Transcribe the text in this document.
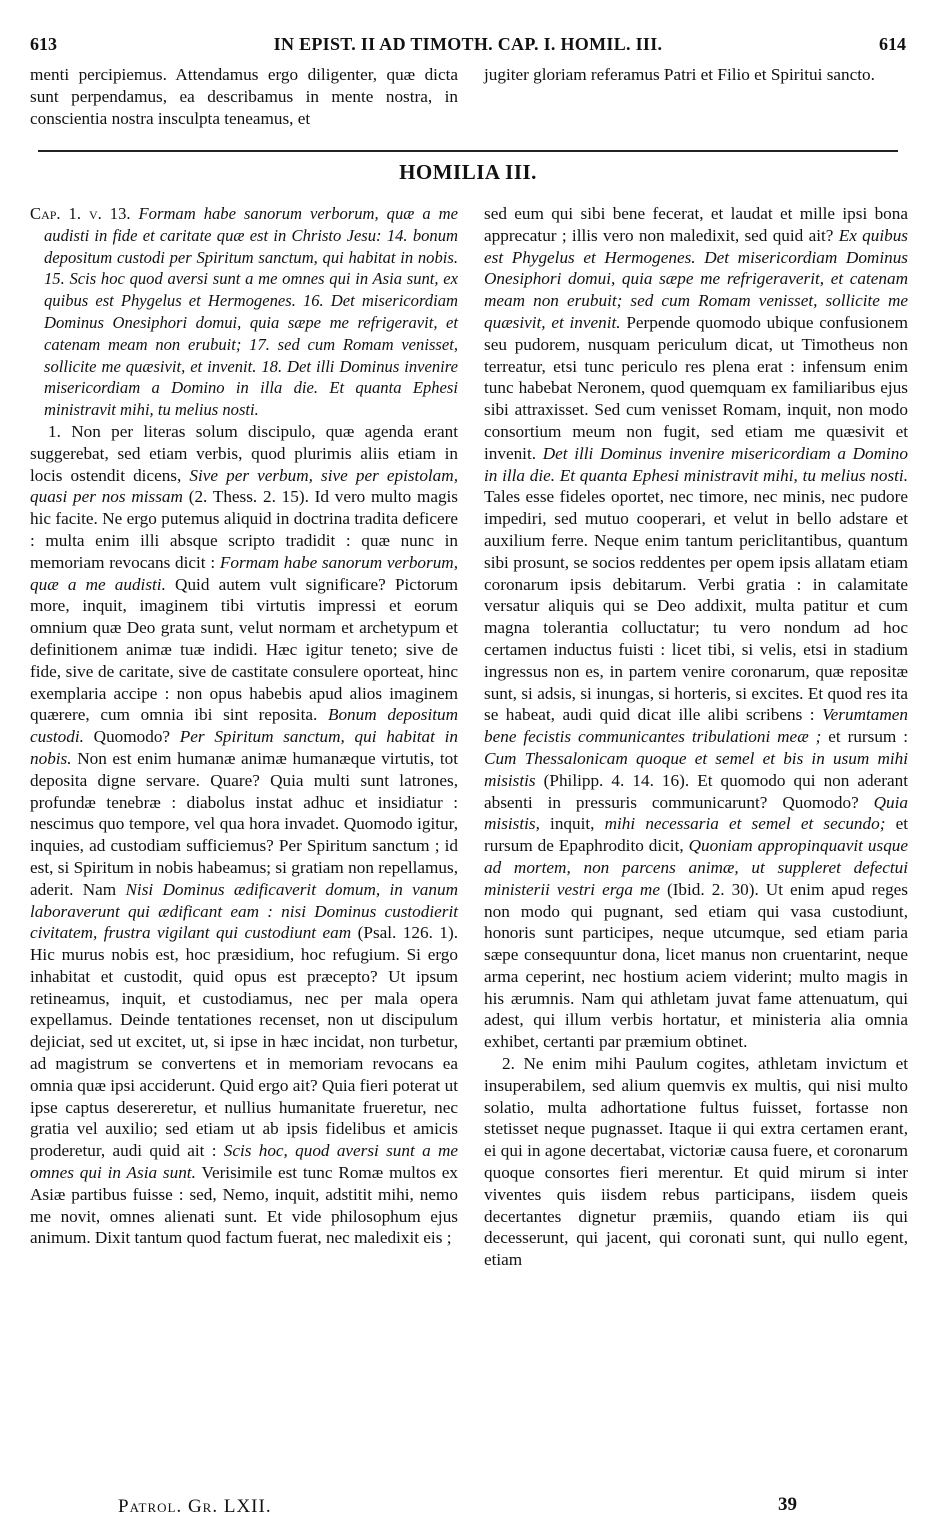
613	IN EPIST. II AD TIMOTH. CAP. I. HOMIL. III.	614

menti percipiemus. Attendamus ergo diligenter, quæ dicta sunt perpendamus, ea describamus in mente nostra, in conscientia nostra insculpta teneamus, et

jugiter gloriam referamus Patri et Filio et Spiritui sancto.

HOMILIA III.

Cap. 1. v. 13. Formam habe sanorum verborum, quæ a me audisti in fide et caritate quæ est in Christo Jesu: 14. bonum depositum custodi per Spiritum sanctum, qui habitat in nobis. 15. Scis hoc quod aversi sunt a me omnes qui in Asia sunt, ex quibus est Phygelus et Hermogenes. 16. Det misericordiam Dominus Onesiphori domui, quia sæpe me refrigeravit, et catenam meam non erubuit; 17. sed cum Romam venisset, sollicite me quæsivit, et invenit. 18. Det illi Dominus invenire misericordiam a Domino in illa die. Et quanta Ephesi ministravit mihi, tu melius nosti.

1. Non per literas solum discipulo, quæ agenda erant suggerebat, sed etiam verbis, quod plurimis aliis etiam in locis ostendit dicens, Sive per verbum, sive per epistolam, quasi per nos missam (2. Thess. 2. 15). Id vero multo magis hic facite. Ne ergo putemus aliquid in doctrina tradita deficere : multa enim illi absque scripto tradidit : quæ nunc in memoriam revocans dicit : Formam habe sanorum verborum, quæ a me audisti. Quid autem vult significare? Pictorum more, inquit, imaginem tibi virtutis impressi et eorum omnium quæ Deo grata sunt, velut normam et archetypum et definitionem animæ tuæ indidi. Hæc igitur teneto; sive de fide, sive de caritate, sive de castitate consulere oporteat, hinc exemplaria accipe : non opus habebis apud alios imaginem quærere, cum omnia ibi sint reposita. Bonum depositum custodi. Quomodo? Per Spiritum sanctum, qui habitat in nobis. Non est enim humanæ animæ humanæque virtutis, tot deposita digne servare. Quare? Quia multi sunt latrones, profundæ tenebræ : diabolus instat adhuc et insidiatur : nescimus quo tempore, vel qua hora invadet. Quomodo igitur, inquies, ad custodiam sufficiemus? Per Spiritum sanctum ; id est, si Spiritum in nobis habeamus; si gratiam non repellamus, aderit. Nam Nisi Dominus ædificaverit domum, in vanum laboraverunt qui ædificant eam : nisi Dominus custodierit civitatem, frustra vigilant qui custodiunt eam (Psal. 126. 1). Hic murus nobis est, hoc præsidium, hoc refugium. Si ergo inhabitat et custodit, quid opus est præcepto? Ut ipsum retineamus, inquit, et custodiamus, nec per mala opera expellamus. Deinde tentationes recenset, non ut discipulum dejiciat, sed ut excitet, ut, si ipse in hæc incidat, non turbetur, ad magistrum se convertens et in memoriam revocans ea omnia quæ ipsi acciderunt. Quid ergo ait? Quia fieri poterat ut ipse captus desereretur, et nullius humanitate frueretur, nec gratia vel auxilio; sed etiam ut ab ipsis fidelibus et amicis proderetur, audi quid ait : Scis hoc, quod aversi sunt a me omnes qui in Asia sunt. Verisimile est tunc Romæ multos ex Asiæ partibus fuisse : sed, Nemo, inquit, adstitit mihi, nemo me novit, omnes alienati sunt. Et vide philosophum ejus animum. Dixit tantum quod factum fuerat, nec maledixit eis ;

sed eum qui sibi bene fecerat, et laudat et mille ipsi bona apprecatur ; illis vero non maledixit, sed quid ait? Ex quibus est Phygelus et Hermogenes. Det misericordiam Dominus Onesiphori domui, quia sæpe me refrigeraverit, et catenam meam non erubuit; sed cum Romam venisset, sollicite me quæsivit, et invenit. Perpende quomodo ubique confusionem seu pudorem, nusquam periculum dicat, ut Timotheus non terreatur, etsi tunc periculo res plena erat : infensum enim tunc habebat Neronem, quod quemquam ex familiaribus ejus sibi attraxisset. Sed cum venisset Romam, inquit, non modo consortium meum non fugit, sed etiam me quæsivit et invenit. Det illi Dominus invenire misericordiam a Domino in illa die. Et quanta Ephesi ministravit mihi, tu melius nosti. Tales esse fideles oportet, nec timore, nec minis, nec pudore impediri, sed mutuo cooperari, et velut in bello adstare et auxilium ferre. Neque enim tantum periclitantibus, quantum sibi prosunt, se socios reddentes per opem ipsis allatam etiam coronarum ipsis debitarum. Verbi gratia : in calamitate versatur aliquis qui se Deo addixit, multa patitur et cum magna tolerantia colluctatur; tu vero nondum ad hoc certamen inductus fuisti : licet tibi, si velis, etsi in stadium ingressus non es, in partem venire coronarum, quæ repositæ sunt, si adsis, si inungas, si horteris, si excites. Et quod res ita se habeat, audi quid dicat ille alibi scribens : Verumtamen bene fecistis communicantes tribulationi meæ ; et rursum : Cum Thessalonicam quoque et semel et bis in usum mihi misistis (Philipp. 4. 14. 16). Et quomodo qui non aderant absenti in pressuris communicarunt? Quomodo? Quia misistis, inquit, mihi necessaria et semel et secundo; et rursum de Epaphrodito dicit, Quoniam appropinquavit usque ad mortem, non parcens animæ, ut suppleret defectui ministerii vestri erga me (Ibid. 2. 30). Ut enim apud reges non modo qui pugnant, sed etiam qui vasa custodiunt, honoris sunt participes, neque utcumque, sed etiam paria sæpe consequuntur dona, licet manus non cruentarint, neque arma ceperint, nec hostium aciem viderint; multo magis in his ærumnis. Nam qui athletam juvat fame attenuatum, qui adest, qui illum verbis hortatur, et ministeria alia omnia exhibet, certanti par præmium obtinet.

2. Ne enim mihi Paulum cogites, athletam invictum et insuperabilem, sed alium quemvis ex multis, qui nisi multo solatio, multa adhortatione fultus fuisset, fortasse non stetisset neque pugnasset. Itaque ii qui extra certamen erant, ei qui in agone decertabat, victoriæ causa fuere, et coronarum quoque consortes fieri merentur. Et quid mirum si inter viventes quis iisdem rebus participans, iisdem queis decertantes dignetur præmiis, quando etiam iis qui decesserunt, qui jacent, qui coronati sunt, qui nullo egent, etiam

Patrol. Gr. LXII.	39
